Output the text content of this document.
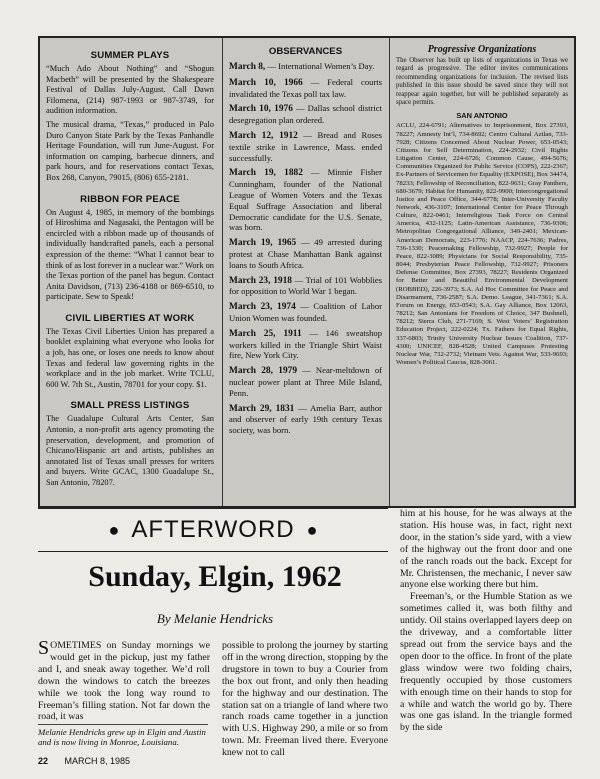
SUMMER PLAYS

“Much Ado About Nothing” and “Shogun Macbeth” will be presented by the Shakespeare Festival of Dallas July-August. Call Dawn Filomena, (214) 987-1993 or 987-3749, for audition information.

The musical drama, “Texas,” produced in Palo Duro Canyon State Park by the Texas Panhandle Heritage Foundation, will run June-August. For information on camping, barbecue dinners, and park hours, and for reservations contact Texas, Box 268, Canyon, 79015, (806) 655-2181.

RIBBON FOR PEACE

On August 4, 1985, in memory of the bombings of Hiroshima and Nagasaki, the Pentagon will be encircled with a ribbon made up of thousands of individually handcrafted panels, each a personal expression of the theme: “What I cannot bear to think of as lost forever in a nuclear war.” Work on the Texas portion of the panel has begun. Contact Anita Davidson, (713) 236-4188 or 869-6510, to participate. Sew to Speak!

CIVIL LIBERTIES AT WORK

The Texas Civil Liberties Union has prepared a booklet explaining what everyone who looks for a job, has one, or loses one needs to know about Texas and federal law governing rights in the workplace and in the job market. Write TCLU, 600 W. 7th St., Austin, 78701 for your copy. $1.

SMALL PRESS LISTINGS

The Guadalupe Cultural Arts Center, San Antonio, a non-profit arts agency promoting the preservation, development, and promotion of Chicano/Hispanic art and artists, publishes an annotated list of Texas small presses for writers and buyers. Write GCAC, 1300 Guadalupe St., San Antonio, 78207.

OBSERVANCES

March 8, — International Women’s Day.

March 10, 1966 — Federal courts invalidated the Texas poll tax law.

March 10, 1976 — Dallas school district desegregation plan ordered.

March 12, 1912 — Bread and Roses textile strike in Lawrence, Mass. ended successfully.

March 19, 1882 — Minnie Fisher Cunningham, founder of the National League of Women Voters and the Texas Equal Suffrage Association and liberal Democratic candidate for the U.S. Senate, was born.

March 19, 1965 — 49 arrested during protest at Chase Manhattan Bank against loans to South Africa.

March 23, 1918 — Trial of 101 Wobblies for opposition to World War 1 began.

March 23, 1974 — Coalition of Labor Union Women was founded.

March 25, 1911 — 146 sweatshop workers killed in the Triangle Shirt Waist fire, New York City.

March 28, 1979 — Near-meltdown of nuclear power plant at Three Mile Island, Penn.

March 29, 1831 — Amelia Barr, author and observer of early 19th century Texas society, was born.

Progressive Organizations

The Observer has built up lists of organizations in Texas we regard as progressive. The editor invites communications recommending organizations for inclusion. The revised lists published in this issue should be saved since they will not reappear again together, but will be published separately as space permits.

SAN ANTONIO
ACLU, 224-6791; Alternatives to Imprisonment, Box 27393, 78227; Amnesty Int’l, 734-8692; Centro Cultural Aztlan, 733-7928; Citizens Concerned About Nuclear Power, 653-0543; Citizens for Self Determination, 224-2932; Civil Rights Litigation Center, 224-6726; Common Cause, 494-5676; Communities Organized for Public Service (COPS), 222-2367; Ex-Partners of Servicemen for Equality (EXPOSE), Box 34474, 78233; Fellowship of Reconciliation, 822-9631; Gray Panthers, 680-3679; Habitat for Humanity, 822-9900; Intercongregational Justice and Peace Office, 344-6778; Inter-University Faculty Network, 436-3107; International Center for Peace Through Culture, 822-0461; Interreligious Task Force on Central America, 432-1125; Latin-American Assistance, 736-9306; Metropolitan Congregational Alliance, 349-2401; Mexican-American Democrats, 223-1776; NAACP, 224-7636; Padres, 736-1330; Peacemaking Fellowship, 732-9927; People for Peace, 822-3089; Physicians for Social Responsibility, 735-8044; Presbyterian Peace Fellowship, 732-9927; Prisoners Defense Committee, Box 27393, 78227; Residents Organized for Better and Beautiful Environmental Development (ROBBED), 226-3973; S.A. Ad Hoc Committee for Peace and Disarmament, 736-2587; S.A. Demo. League, 341-7361; S.A. Forum on Energy, 653-0543; S.A. Gay Alliance, Box 12063, 78212; San Antonians for Freedom of Choice, 347 Bushnell, 78212; Sierra Club, 271-7169; S. West Voters’ Registration Education Project, 222-0224; Tx. Fathers for Equal Rights, 337-6803; Trinity University Nuclear Issues Coalition, 737-4300; UNICEF, 828-4528; United Campuses Protesting Nuclear War, 732-2732; Vietnam Vets. Against War, 533-9693; Women’s Political Caucus, 828-3061.
● AFTERWORD ●
Sunday, Elgin, 1962
By Melanie Hendricks
SOMETIMES on Sunday mornings we would get in the pickup, just my father and I, and sneak away together. We’d roll down the windows to catch the breezes while we took the long way round to Freeman’s filling station. Not far down the road, it was
Melanie Hendricks grew up in Elgin and Austin and is now living in Monroe, Louisiana.
possible to prolong the journey by starting off in the wrong direction, stopping by the drugstore in town to buy a Courier from the box out front, and only then heading for the highway and our destination. The station sat on a triangle of land where two ranch roads came together in a junction with U.S. Highway 290, a mile or so from town. Mr. Freeman lived there. Everyone knew not to call

him at his house, for he was always at the station. His house was, in fact, right next door, in the station’s side yard, with a view of the highway out the front door and one of the ranch roads out the back. Except for Mr. Christensen, the mechanic, I never saw anyone else working there but him.

Freeman’s, or the Humble Station as we sometimes called it, was both filthy and untidy. Oil stains overlapped layers deep on the driveway, and a comfortable litter spread out from the service bays and the open door to the office. In front of the plate glass window were two folding chairs, frequently occupied by those customers with enough time on their hands to stop for a while and watch the world go by. There was one gas island. In the triangle formed by the side

22 MARCH 8, 1985
